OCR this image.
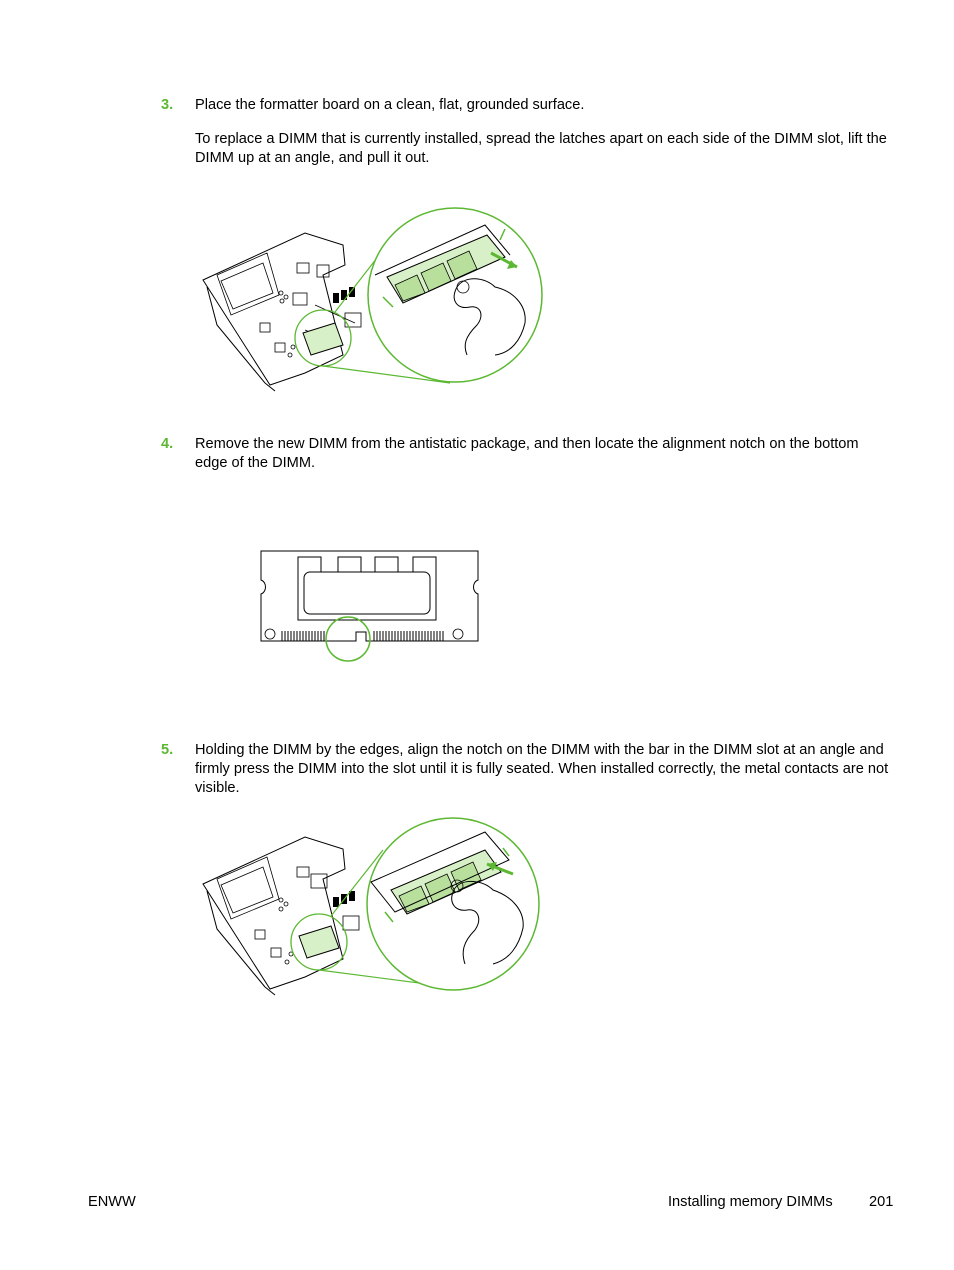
3.	Place the formatter board on a clean, flat, grounded surface.

To replace a DIMM that is currently installed, spread the latches apart on each side of the DIMM slot, lift the DIMM up at an angle, and pull it out.

4.	Remove the new DIMM from the antistatic package, and then locate the alignment notch on the bottom edge of the DIMM.

5.	Holding the DIMM by the edges, align the notch on the DIMM with the bar in the DIMM slot at an angle and firmly press the DIMM into the slot until it is fully seated. When installed correctly, the metal contacts are not visible.

ENWW	Installing memory DIMMs 201
